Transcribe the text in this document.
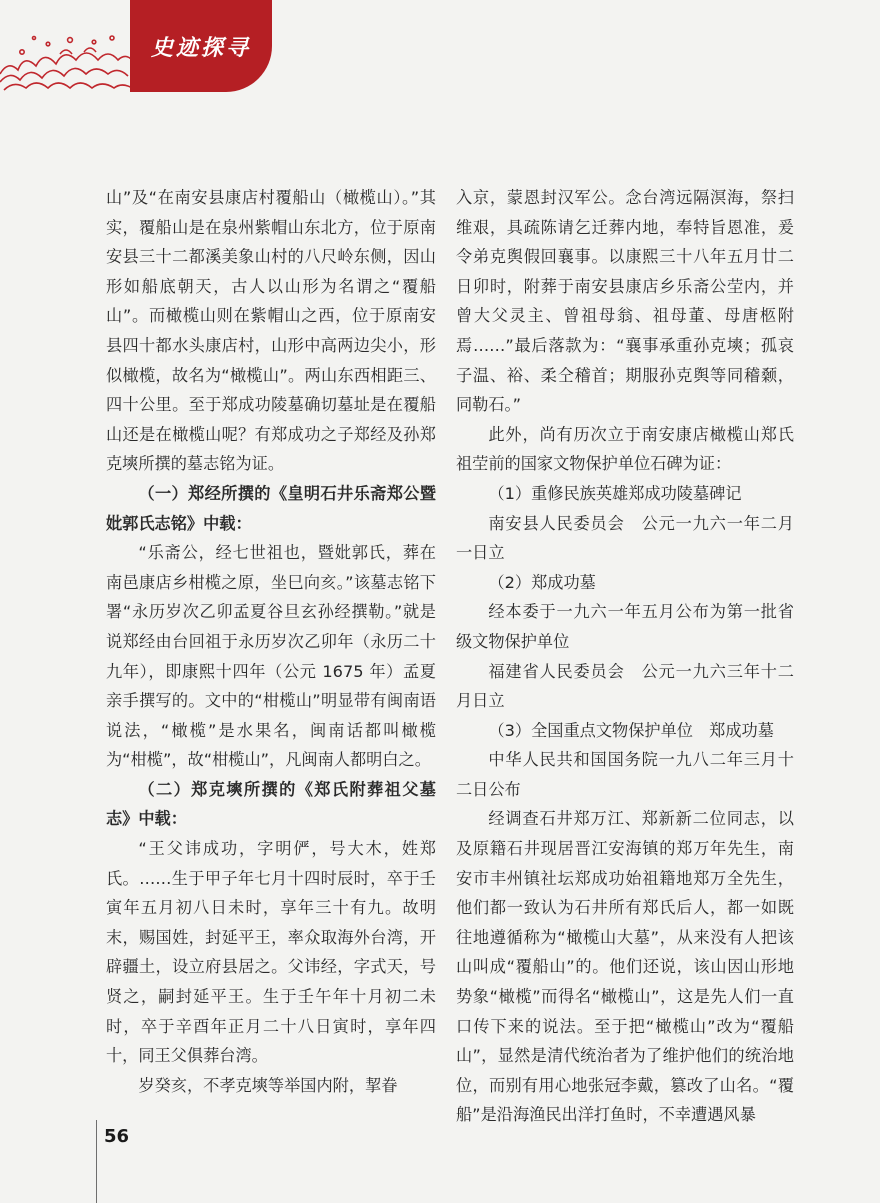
史迹探寻

山”及“在南安县康店村覆船山（橄榄山）。”其实，覆船山是在泉州紫帽山东北方，位于原南安县三十二都溪美象山村的八尺岭东侧，因山形如船底朝天，古人以山形为名谓之“覆船山”。而橄榄山则在紫帽山之西，位于原南安县四十都水头康店村，山形中高两边尖小，形似橄榄，故名为“橄榄山”。两山东西相距三、四十公里。至于郑成功陵墓确切墓址是在覆船山还是在橄榄山呢？有郑成功之子郑经及孙郑克塽所撰的墓志铭为证。

（一）郑经所撰的《皇明石井乐斋郑公暨妣郭氏志铭》中载：

“乐斋公，经七世祖也，暨妣郭氏，葬在南邑康店乡柑榄之原，坐巳向亥。”该墓志铭下署“永历岁次乙卯孟夏谷旦玄孙经撰勒。”就是说郑经由台回祖于永历岁次乙卯年（永历二十九年），即康熙十四年（公元 1675 年）孟夏亲手撰写的。文中的“柑榄山”明显带有闽南语说法，“橄榄”是水果名，闽南话都叫橄榄为“柑榄”，故“柑榄山”，凡闽南人都明白之。

（二）郑克塽所撰的《郑氏附葬祖父墓志》中载：

“王父讳成功，字明俨，号大木，姓郑氏。……生于甲子年七月十四时辰时，卒于壬寅年五月初八日未时，享年三十有九。故明末，赐国姓，封延平王，率众取海外台湾，开辟疆土，设立府县居之。父讳经，字式天，号贤之，嗣封延平王。生于壬午年十月初二未时，卒于辛酉年正月二十八日寅时，享年四十，同王父俱葬台湾。

岁癸亥，不孝克塽等举国内附，挈眷

入京，蒙恩封汉军公。念台湾远隔溟海，祭扫维艰，具疏陈请乞迁葬内地，奉特旨恩准，爰令弟克舆假回襄事。以康熙三十八年五月廿二日卯时，附葬于南安县康店乡乐斋公茔内，并曾大父灵主、曾祖母翁、祖母董、母唐柩附焉……”最后落款为：“襄事承重孙克塽；孤哀子温、裕、柔仝稽首；期服孙克舆等同稽颡，同勒石。”

此外，尚有历次立于南安康店橄榄山郑氏祖茔前的国家文物保护单位石碑为证：

（1）重修民族英雄郑成功陵墓碑记

南安县人民委员会　公元一九六一年二月一日立

（2）郑成功墓

经本委于一九六一年五月公布为第一批省级文物保护单位

福建省人民委员会　公元一九六三年十二月日立

（3）全国重点文物保护单位　郑成功墓

中华人民共和国国务院一九八二年三月十二日公布

经调查石井郑万江、郑新新二位同志，以及原籍石井现居晋江安海镇的郑万年先生，南安市丰州镇社坛郑成功始祖籍地郑万全先生，他们都一致认为石井所有郑氏后人，都一如既往地遵循称为“橄榄山大墓”，从来没有人把该山叫成“覆船山”的。他们还说，该山因山形地势象“橄榄”而得名“橄榄山”，这是先人们一直口传下来的说法。至于把“橄榄山”改为“覆船山”，显然是清代统治者为了维护他们的统治地位，而别有用心地张冠李戴，篡改了山名。“覆船”是沿海渔民出洋打鱼时，不幸遭遇风暴

56
